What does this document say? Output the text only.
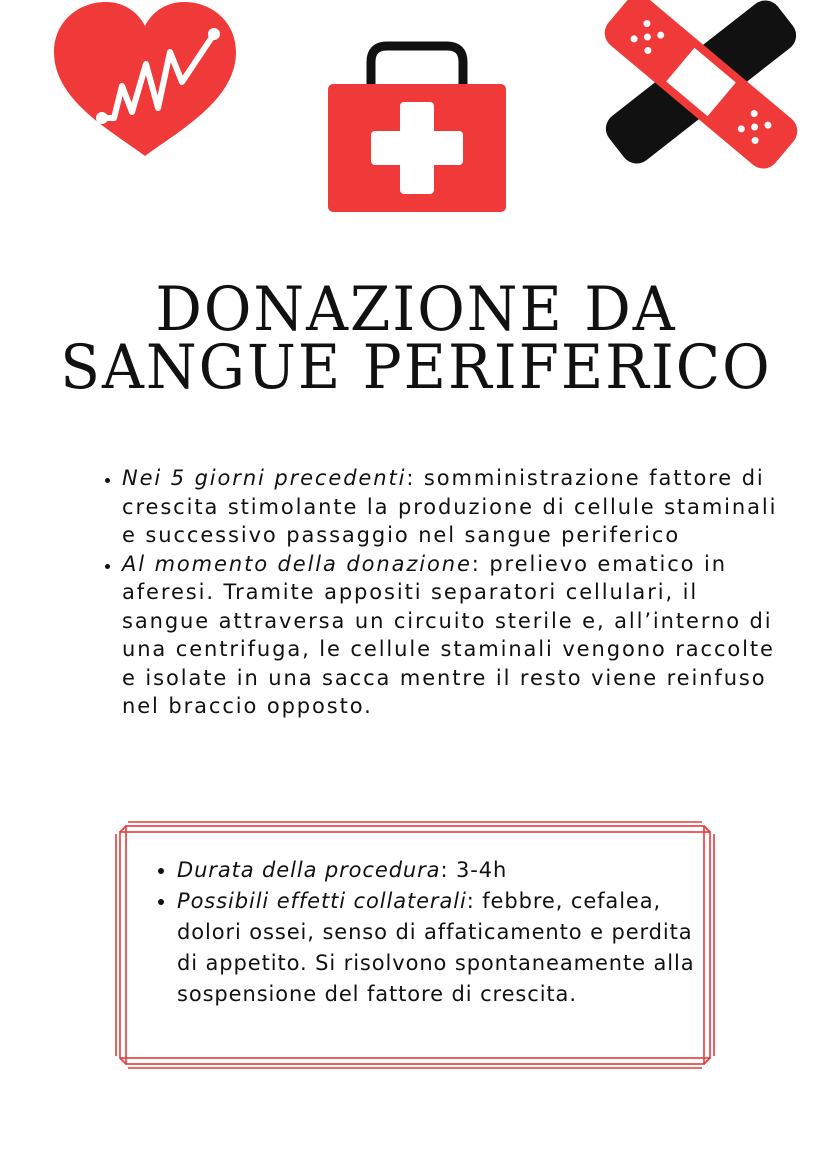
DONAZIONE DA
SANGUE PERIFERICO
• Nei 5 giorni precedenti: somministrazione fattore di crescita stimolante la produzione di cellule staminali e successivo passaggio nel sangue periferico
• Al momento della donazione: prelievo ematico in aferesi. Tramite appositi separatori cellulari, il sangue attraversa un circuito sterile e, all’interno di una centrifuga, le cellule staminali vengono raccolte e isolate in una sacca mentre il resto viene reinfuso nel braccio opposto.
• Durata della procedura: 3-4h
• Possibili effetti collaterali: febbre, cefalea, dolori ossei, senso di affaticamento e perdita di appetito. Si risolvono spontaneamente alla sospensione del fattore di crescita.
